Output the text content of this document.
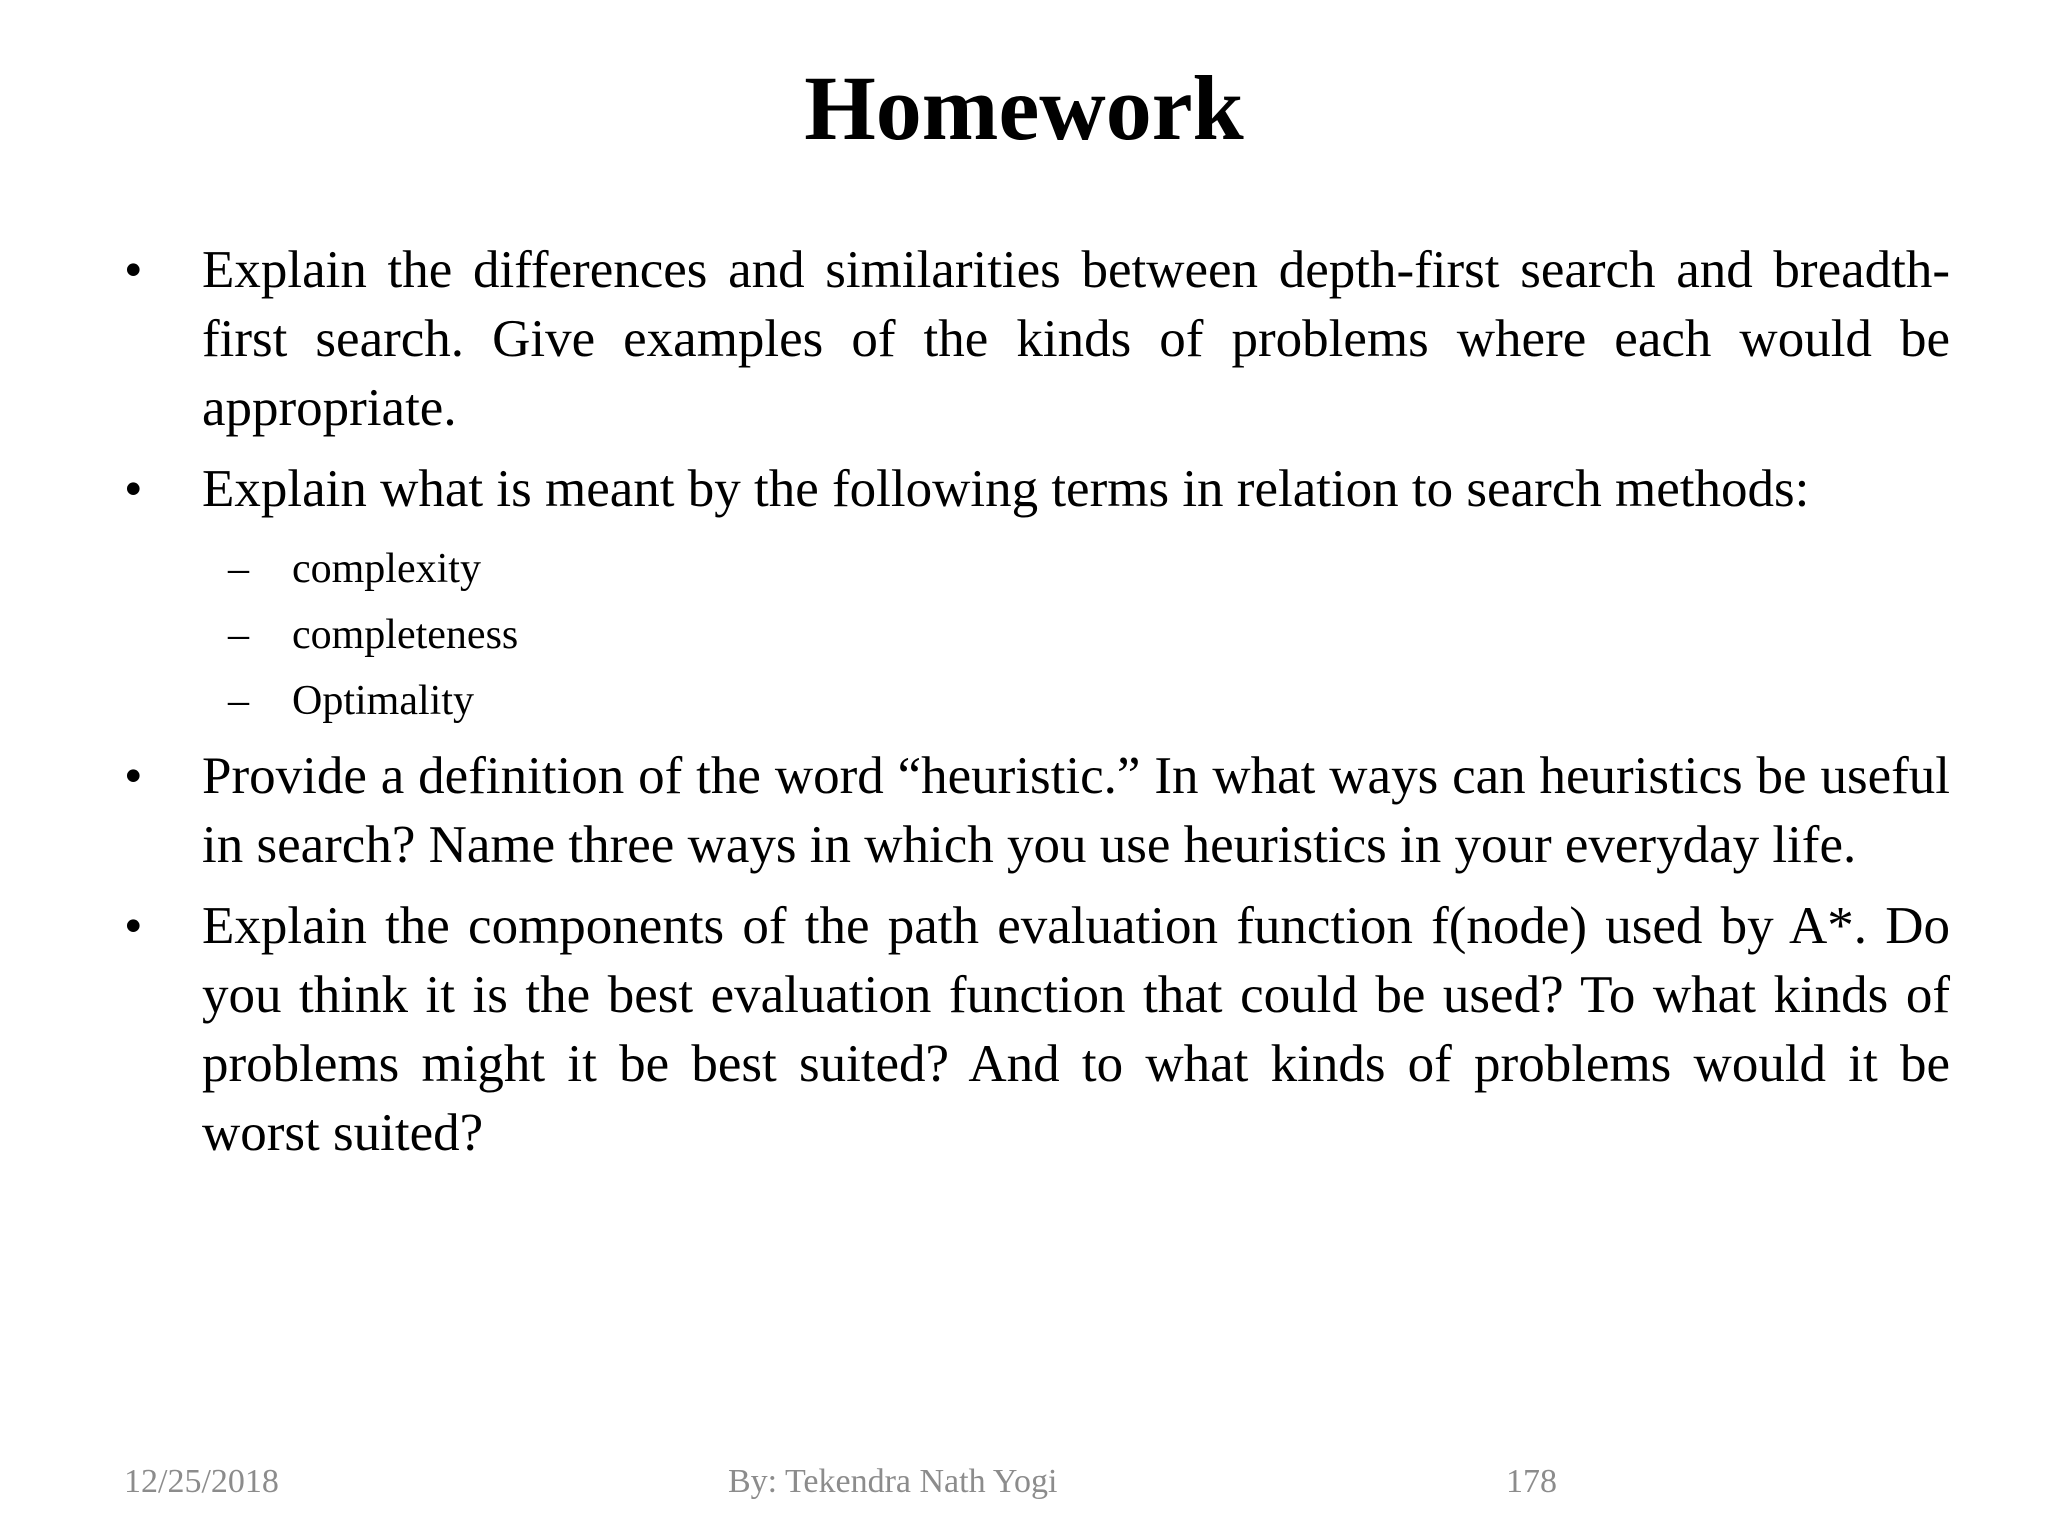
Homework
• Explain the differences and similarities between depth-first search and breadth-first search. Give examples of the kinds of problems where each would be appropriate.
• Explain what is meant by the following terms in relation to search methods:
– complexity
– completeness
– Optimality
• Provide a definition of the word “heuristic.” In what ways can heuristics be useful in search? Name three ways in which you use heuristics in your everyday life.
• Explain the components of the path evaluation function f(node) used by A*. Do you think it is the best evaluation function that could be used? To what kinds of problems might it be best suited? And to what kinds of problems would it be worst suited?
12/25/2018	By: Tekendra Nath Yogi	178
